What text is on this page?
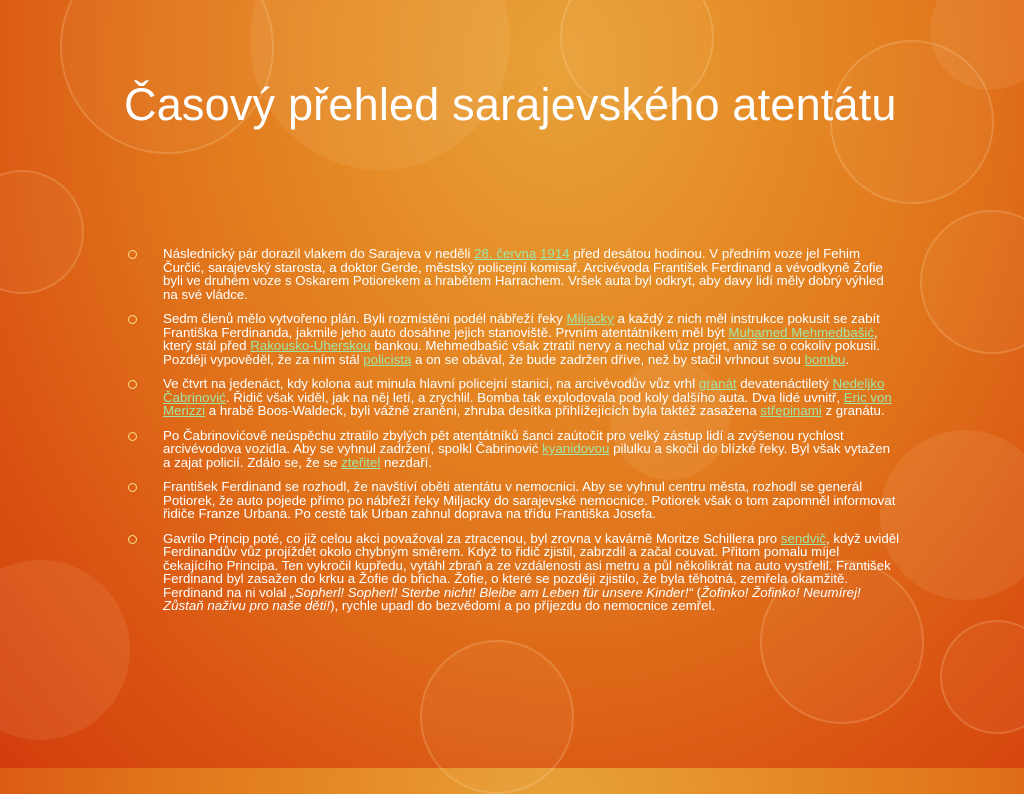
Časový přehled sarajevského atentátu
Následnický pár dorazil vlakem do Sarajeva v neděli 28. června 1914 před desátou hodinou. V předním voze jel Fehim Čurčić, sarajevský starosta, a doktor Gerde, městský policejní komisař. Arcivévoda František Ferdinand a vévodkyně Žofie byli ve druhém voze s Oskarem Potiorekem a hrabětem Harrachem. Vršek auta byl odkryt, aby davy lidí měly dobrý výhled na své vládce.
Sedm členů mělo vytvořeno plán. Byli rozmístěni podél nábřeží řeky Miljacky a každý z nich měl instrukce pokusit se zabít Františka Ferdinanda, jakmile jeho auto dosáhne jejich stanoviště. Prvním atentátníkem měl být Muhamed Mehmedbašić, který stál před Rakousko-Uherskou bankou. Mehmedbašić však ztratil nervy a nechal vůz projet, aniž se o cokoliv pokusil. Později vypověděl, že za ním stál policista a on se obával, že bude zadržen dříve, než by stačil vrhnout svou bombu.
Ve čtvrt na jedenáct, kdy kolona aut minula hlavní policejní stanici, na arcivévodův vůz vrhl granát devatenáctiletý Nedeljko Čabrinović. Řidič však viděl, jak na něj letí, a zrychlil. Bomba tak explodovala pod koly dalšího auta. Dva lidé uvnitř, Eric von Merizzi a hrabě Boos-Waldeck, byli vážně zraněni, zhruba desítka přihlížejících byla taktéž zasažena střepinami z granátu.
Po Čabrinovićově neúspěchu ztratilo zbylých pět atentátníků šanci zaútočit pro velký zástup lidí a zvýšenou rychlost arcivévodova vozidla. Aby se vyhnul zadržení, spolkl Čabrinović kyanidovou pilulku a skočil do blízké řeky. Byl však vytažen a zajat policií. Zdálo se, že se zteřitel nezdaří.
František Ferdinand se rozhodl, že navštíví oběti atentátu v nemocnici. Aby se vyhnul centru města, rozhodl se generál Potiorek, že auto pojede přímo po nábřeží řeky Miljacky do sarajevské nemocnice. Potiorek však o tom zapomněl informovat řidiče Franze Urbana. Po cestě tak Urban zahnul doprava na třídu Františka Josefa.
Gavrilo Princip poté, co již celou akci považoval za ztracenou, byl zrovna v kavárně Moritze Schillera pro sendvič, když uviděl Ferdinandův vůz projíždět okolo chybným směrem. Když to řidič zjistil, zabrzdil a začal couvat. Přitom pomalu míjel čekajícího Principa. Ten vykročil kupředu, vytáhl zbraň a ze vzdálenosti asi metru a půl několikrát na auto vystřelil. František Ferdinand byl zasažen do krku a Žofie do břicha. Žofie, o které se později zjistilo, že byla těhotná, zemřela okamžitě. Ferdinand na ni volal „Sopherl! Sopherl! Sterbe nicht! Bleibe am Leben für unsere Kinder!“ (Žofinko! Žofinko! Neumírej! Zůstaň naživu pro naše děti!), rychle upadl do bezvědomí a po příjezdu do nemocnice zemřel.
